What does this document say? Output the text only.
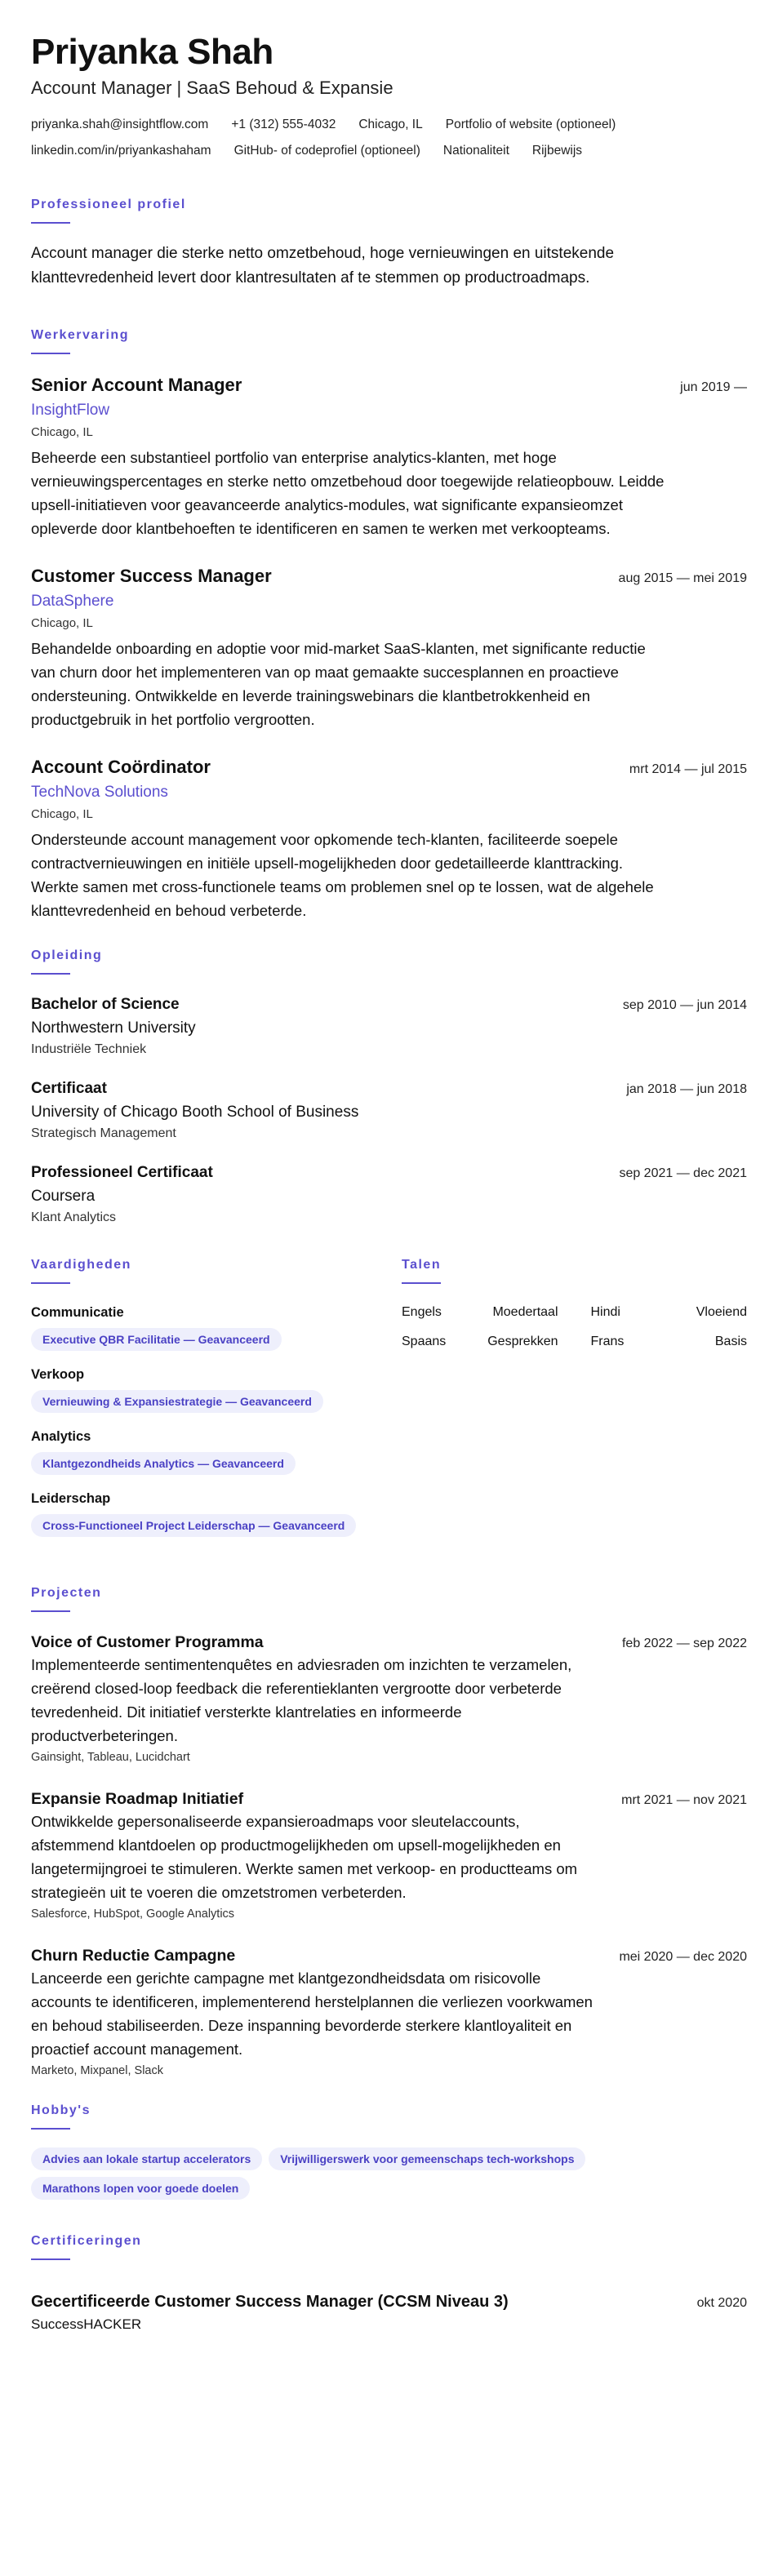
Priyanka Shah
Account Manager | SaaS Behoud & Expansie
priyanka.shah@insightflow.com +1 (312) 555-4032 Chicago, IL Portfolio of website (optioneel)
linkedin.com/in/priyankashaham GitHub- of codeprofiel (optioneel) Nationaliteit Rijbewijs
Professioneel profiel

Account manager die sterke netto omzetbehoud, hoge vernieuwingen en uitstekende klanttevredenheid levert door klantresultaten af te stemmen op productroadmaps.

Werkervaring
Senior Account Manager	jun 2019 —
InsightFlow
Chicago, IL

Beheerde een substantieel portfolio van enterprise analytics-klanten, met hoge vernieuwingspercentages en sterke netto omzetbehoud door toegewijde relatieopbouw. Leidde upsell-initiatieven voor geavanceerde analytics-modules, wat significante expansieomzet opleverde door klantbehoeften te identificeren en samen te werken met verkoopteams.

Customer Success Manager	aug 2015 — mei 2019
DataSphere
Chicago, IL

Behandelde onboarding en adoptie voor mid-market SaaS-klanten, met significante reductie van churn door het implementeren van op maat gemaakte succesplannen en proactieve ondersteuning. Ontwikkelde en leverde trainingswebinars die klantbetrokkenheid en productgebruik in het portfolio vergrootten.

Account Coördinator	mrt 2014 — jul 2015
TechNova Solutions
Chicago, IL

Ondersteunde account management voor opkomende tech-klanten, faciliteerde soepele contractvernieuwingen en initiële upsell-mogelijkheden door gedetailleerde klanttracking. Werkte samen met cross-functionele teams om problemen snel op te lossen, wat de algehele klanttevredenheid en behoud verbeterde.

Opleiding
Bachelor of Science	sep 2010 — jun 2014
Northwestern University
Industriële Techniek
Certificaat	jan 2018 — jun 2018
University of Chicago Booth School of Business
Strategisch Management
Professioneel Certificaat	sep 2021 — dec 2021
Coursera
Klant Analytics
Vaardigheden
Communicatie
Executive QBR Facilitatie — Geavanceerd
Verkoop
Vernieuwing & Expansiestrategie — Geavanceerd
Analytics
Klantgezondheids Analytics — Geavanceerd
Leiderschap
Cross-Functioneel Project Leiderschap — Geavanceerd
Talen
Engels	Moedertaal	Hindi	Vloeiend
Spaans	Gesprekken	Frans	Basis
Projecten
Voice of Customer Programma	feb 2022 — sep 2022

Implementeerde sentimentenquêtes en adviesraden om inzichten te verzamelen, creërend closed-loop feedback die referentieklanten vergrootte door verbeterde tevredenheid. Dit initiatief versterkte klantrelaties en informeerde productverbeteringen.

Gainsight, Tableau, Lucidchart
Expansie Roadmap Initiatief	mrt 2021 — nov 2021

Ontwikkelde gepersonaliseerde expansieroadmaps voor sleutelaccounts, afstemmend klantdoelen op productmogelijkheden om upsell-mogelijkheden en langetermijngroei te stimuleren. Werkte samen met verkoop- en productteams om strategieën uit te voeren die omzetstromen verbeterden.

Salesforce, HubSpot, Google Analytics
Churn Reductie Campagne	mei 2020 — dec 2020

Lanceerde een gerichte campagne met klantgezondheidsdata om risicovolle accounts te identificeren, implementerend herstelplannen die verliezen voorkwamen en behoud stabiliseerden. Deze inspanning bevorderde sterkere klantloyaliteit en proactief account management.

Marketo, Mixpanel, Slack
Hobby's
Advies aan lokale startup accelerators	Vrijwilligerswerk voor gemeenschaps tech-workshops
Marathons lopen voor goede doelen
Certificeringen
Gecertificeerde Customer Success Manager (CCSM Niveau 3)	okt 2020
SuccessHACKER
